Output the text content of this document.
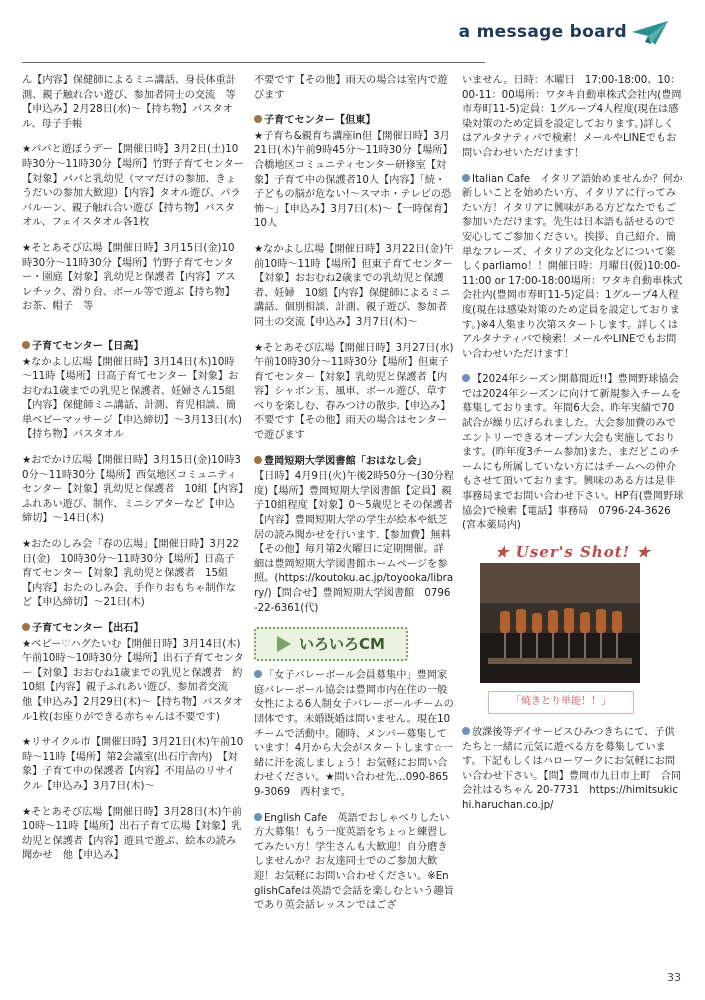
a message board

ん【内容】保健師によるミニ講話、身長体重計測、親子触れ合い遊び、参加者同士の交流　等【申込み】2月28日(水)～【持ち物】バスタオル、母子手帳

★パパと遊ぼうデー【開催日時】3月2日(土)10時30分～11時30分【場所】竹野子育てセンター【対象】パパと乳幼児（ママだけの参加、きょうだいの参加大歓迎）【内容】タオル遊び、パラバルーン、親子触れ合い遊び【持ち物】バスタオル、フェイスタオル各1枚

★そとあそび広場【開催日時】3月15日(金)10時30分～11時30分【場所】竹野子育てセンター・園庭【対象】乳幼児と保護者【内容】アスレチック、滑り台、ボール等で遊ぶ【持ち物】お茶、帽子　等

子育てセンター【日高】

★なかよし広場【開催日時】3月14日(木)10時～11時【場所】日高子育てセンター【対象】おおむね1歳までの乳児と保護者、妊婦さん15組【内容】保健師ミニ講話、計測、育児相談、簡単ベビーマッサージ【申込締切】～3月13日(水)【持ち物】バスタオル

★おでかけ広場【開催日時】3月15日(金)10時30分～11時30分【場所】西気地区コミュニティセンター【対象】乳幼児と保護者　10組【内容】ふれあい遊び、制作、ミニシアターなど【申込締切】～14日(木)

★おたのしみ会「春の広場」【開催日時】3月22日(金)　10時30分～11時30分【場所】日高子育てセンター【対象】乳幼児と保護者　15組【内容】おたのしみ会、手作りおもちゃ制作など【申込締切】～21日(木)

子育てセンター【出石】

★ベビー♡ハグたいむ【開催日時】3月14日(木)午前10時～10時30分【場所】出石子育てセンター【対象】おおむね1歳までの乳児と保護者　約10組【内容】親子ふれあい遊び、参加者交流　他【申込み】2月29日(木)～【持ち物】バスタオル1枚(お座りができる赤ちゃんは不要です)

★リサイクル市【開催日時】3月21日(木)午前10時～11時【場所】第2会議室(出石庁舎内)　【対象】子育て中の保護者【内容】不用品のリサイクル【申込み】3月7日(木)～

★そとあそび広場【開催日時】3月28日(木)午前10時～11時【場所】出石子育て広場【対象】乳幼児と保護者【内容】遊具で遊ぶ、絵本の読み聞かせ　他【申込み】

不要です【その他】雨天の場合は室内で遊びます

子育てセンター【但東】

★子育ち&親育ち講座in但【開催日時】3月21日(木)午前9時45分～11時30分【場所】合橋地区コミュニティセンター研修室【対象】子育て中の保護者10人【内容】「続・子どもの脳が危ない!～スマホ・テレビの恐怖～」【申込み】3月7日(木)～【一時保育】10人

★なかよし広場【開催日時】3月22日(金)午前10時～11時【場所】但東子育てセンター【対象】おおむね2歳までの乳幼児と保護者、妊婦　10組【内容】保健師によるミニ講話、個別相談、計測、親子遊び、参加者同士の交流【申込み】3月7日(木)～

★そとあそび広場【開催日時】3月27日(水)午前10時30分～11時30分【場所】但東子育てセンター【対象】乳幼児と保護者【内容】シャボン玉、風車、ボール遊び、草すべりを楽しむ、春みつけの散歩.【申込み】不要です【その他】雨天の場合はセンターで遊びます

豊岡短期大学図書館「おはなし会」

【日時】4月9日(火)午後2時50分～(30分程度)【場所】豊岡短期大学図書館【定員】親子10組程度【対象】0～5歳児とその保護者【内容】豊岡短期大学の学生が絵本や紙芝居の読み聞かせを行います.【参加費】無料【その他】毎月第2火曜日に定期開催。詳細は豊岡短期大学図書館ホームページを参照。(https://koutoku.ac.jp/toyooka/library/)【問合せ】豊岡短期大学図書館　0796-22-6361(代)

いろいろCM

「女子バレーボール会員募集中」豊岡家庭バレーボール協会は豊岡市内在住の一般女性による6人制女子バレーボールチームの団体です。未婚既婚は問いません。現在10チームで活動中。随時、メンバー募集しています！4月から大会がスタートします☆一緒に汗を流しましょう！お気軽にお問い合わせください。★問い合わせ先…090-8659-3069　西村まで。

English Cafe　英語でおしゃべりしたい方大募集！もう一度英語をちょっと練習してみたい方！学生さんも大歓迎！自分磨きしませんか？お友達同士でのご参加大歓迎！お気軽にお問い合わせください。※EnglishCafeは英語で会話を楽しむという趣旨であり英会話レッスンではござ

いません。日時：木曜日　17:00-18:00、10：00-11：00場所：ワタキ自動車株式会社内(豊岡市寿町11-5)定員：1グループ4人程度(現在は感染対策のため定員を設定しております。)詳しくはアルタナティバで検索！メールやLINEでもお問い合わせいただけます！

Italian Cafe　イタリア語始めませんか？何か新しいことを始めたい方、イタリアに行ってみたい方！イタリアに興味がある方どなたでもご参加いただけます。先生は日本語も話せるので安心してご参加ください。挨拶、自己紹介、簡単なフレーズ、イタリアの文化などについて楽しくparliamo！！開催日時：月曜日(仮)10:00-11:00 or 17:00-18:00場所：ワタキ自動車株式会社内(豊岡市寿町11-5)定員：1グループ4人程度(現在は感染対策のため定員を設定しております。)※4人集まり次第スタートします。詳しくはアルタナティバで検索！メールやLINEでもお問い合わせいただけます！

【2024年シーズン開幕間近!!】豊岡野球協会では2024年シーズンに向けて新規参入チームを募集しております。年間6大会、昨年実績で70試合が繰り広げられました。大会参加費のみでエントリーできるオープン大会も実施しております。(昨年度3チーム参加)また、まだどこのチームにも所属していない方にはチームへの仲介もさせて頂いております。興味のある方は是非事務局までお問い合わせ下さい。HP有(豊岡野球協会)で検索【電話】事務局　0796-24-3626(宮本薬局内)

★ User's Shot! ★
「焼きとり単能！！」

放課後等デイサービスひみつきちにて、子供たちと一緒に元気に遊べる方を募集しています。下記もしくはハローワークにお気軽にお問い合わせ下さい。【問】豊岡市九日市上町　合同会社はるちゃん 20-7731　https://himitsukichi.haruchan.co.jp/

33
